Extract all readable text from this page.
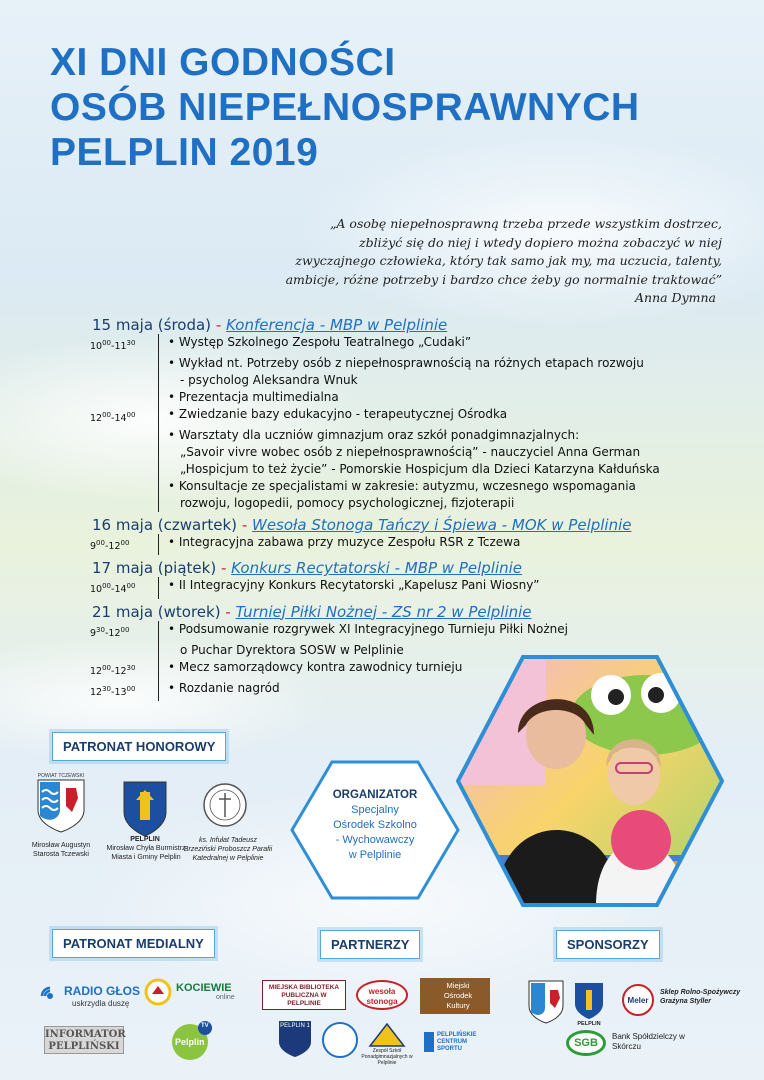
XI DNI GODNOŚCI
OSÓB NIEPEŁNOSPRAWNYCH
PELPLIN 2019
„A osobę niepełnosprawną trzeba przede wszystkim dostrzec,
zbliżyć się do niej i wtedy dopiero można zobaczyć w niej
zwyczajnego człowieka, który tak samo jak my, ma uczucia, talenty,
ambicje, różne potrzeby i bardzo chce żeby go normalnie traktować”
Anna Dymna
15 maja (środa) - Konferencja - MBP w Pelplinie
$10^{00}-11^{30}$	• Występ Szkolnego Zespołu Teatralnego „Cudaki”
• Wykład nt. Potrzeby osób z niepełnosprawnością na różnych etapach rozwoju
- psycholog Aleksandra Wnuk
• Prezentacja multimedialna
$12^{00}-14^{00}$	• Zwiedzanie bazy edukacyjno - terapeutycznej Ośrodka
• Warsztaty dla uczniów gimnazjum oraz szkół ponadgimnazjalnych:
„Savoir vivre wobec osób z niepełnosprawnością” - nauczyciel Anna German
„Hospicjum to też życie” - Pomorskie Hospicjum dla Dzieci Katarzyna Kałduńska
• Konsultacje ze specjalistami w zakresie: autyzmu, wczesnego wspomagania
rozwoju, logopedii, pomocy psychologicznej, fizjoterapii
16 maja (czwartek) - Wesoła Stonoga Tańczy i Śpiewa - MOK w Pelplinie
$9^{00}-12^{00}$	• Integracyjna zabawa przy muzyce Zespołu RSR z Tczewa
17 maja (piątek) - Konkurs Recytatorski - MBP w Pelplinie
$10^{00}-14^{00}$	• II Integracyjny Konkurs Recytatorski „Kapelusz Pani Wiosny”
21 maja (wtorek) - Turniej Piłki Nożnej - ZS nr 2 w Pelplinie
$9^{30}-12^{00}$	• Podsumowanie rozgrywek XI Integracyjnego Turnieju Piłki Nożnej
o Puchar Dyrektora SOSW w Pelplinie
$12^{00}-12^{30}$	• Mecz samorządowcy kontra zawodnicy turnieju
$12^{30}-13^{00}$	• Rozdanie nagród
PATRONAT HONOROWY
POWIAT TCZEWSKI
Mirosław Augustyn Starosta Tczewski
PELPLIN
Mirosław Chyła Burmistrz Miasta i Gminy Pelplin
ks. Infułat Tadeusz Brzeziński Proboszcz Parafii Katedralnej w Pelplinie
ORGANIZATOR
Specjalny
Ośrodek Szkolno
- Wychowawczy
w Pelplinie
PATRONAT MEDIALNY	PARTNERZY	SPONSORZY
RADIO GŁOS
uskrzydla duszę
KOCIEWIE
online
INFORMATOR
PELPLIŃSKI
TV
Pelplin
MIEJSKA BIBLIOTEKA PUBLICZNA W PELPLINIE
wesoła stonoga
Miejski Ośrodek Kultury
PELPLIN 1
Zespół Szkół Ponadgimnazjalnych w Pelplinie
PELPLIŃSKIE CENTRUM SPORTU
PELPLIN
Meler
Sklep Rolno-Spożywczy Grażyna Styller
SGB
Bank Spółdzielczy w Skórczu
